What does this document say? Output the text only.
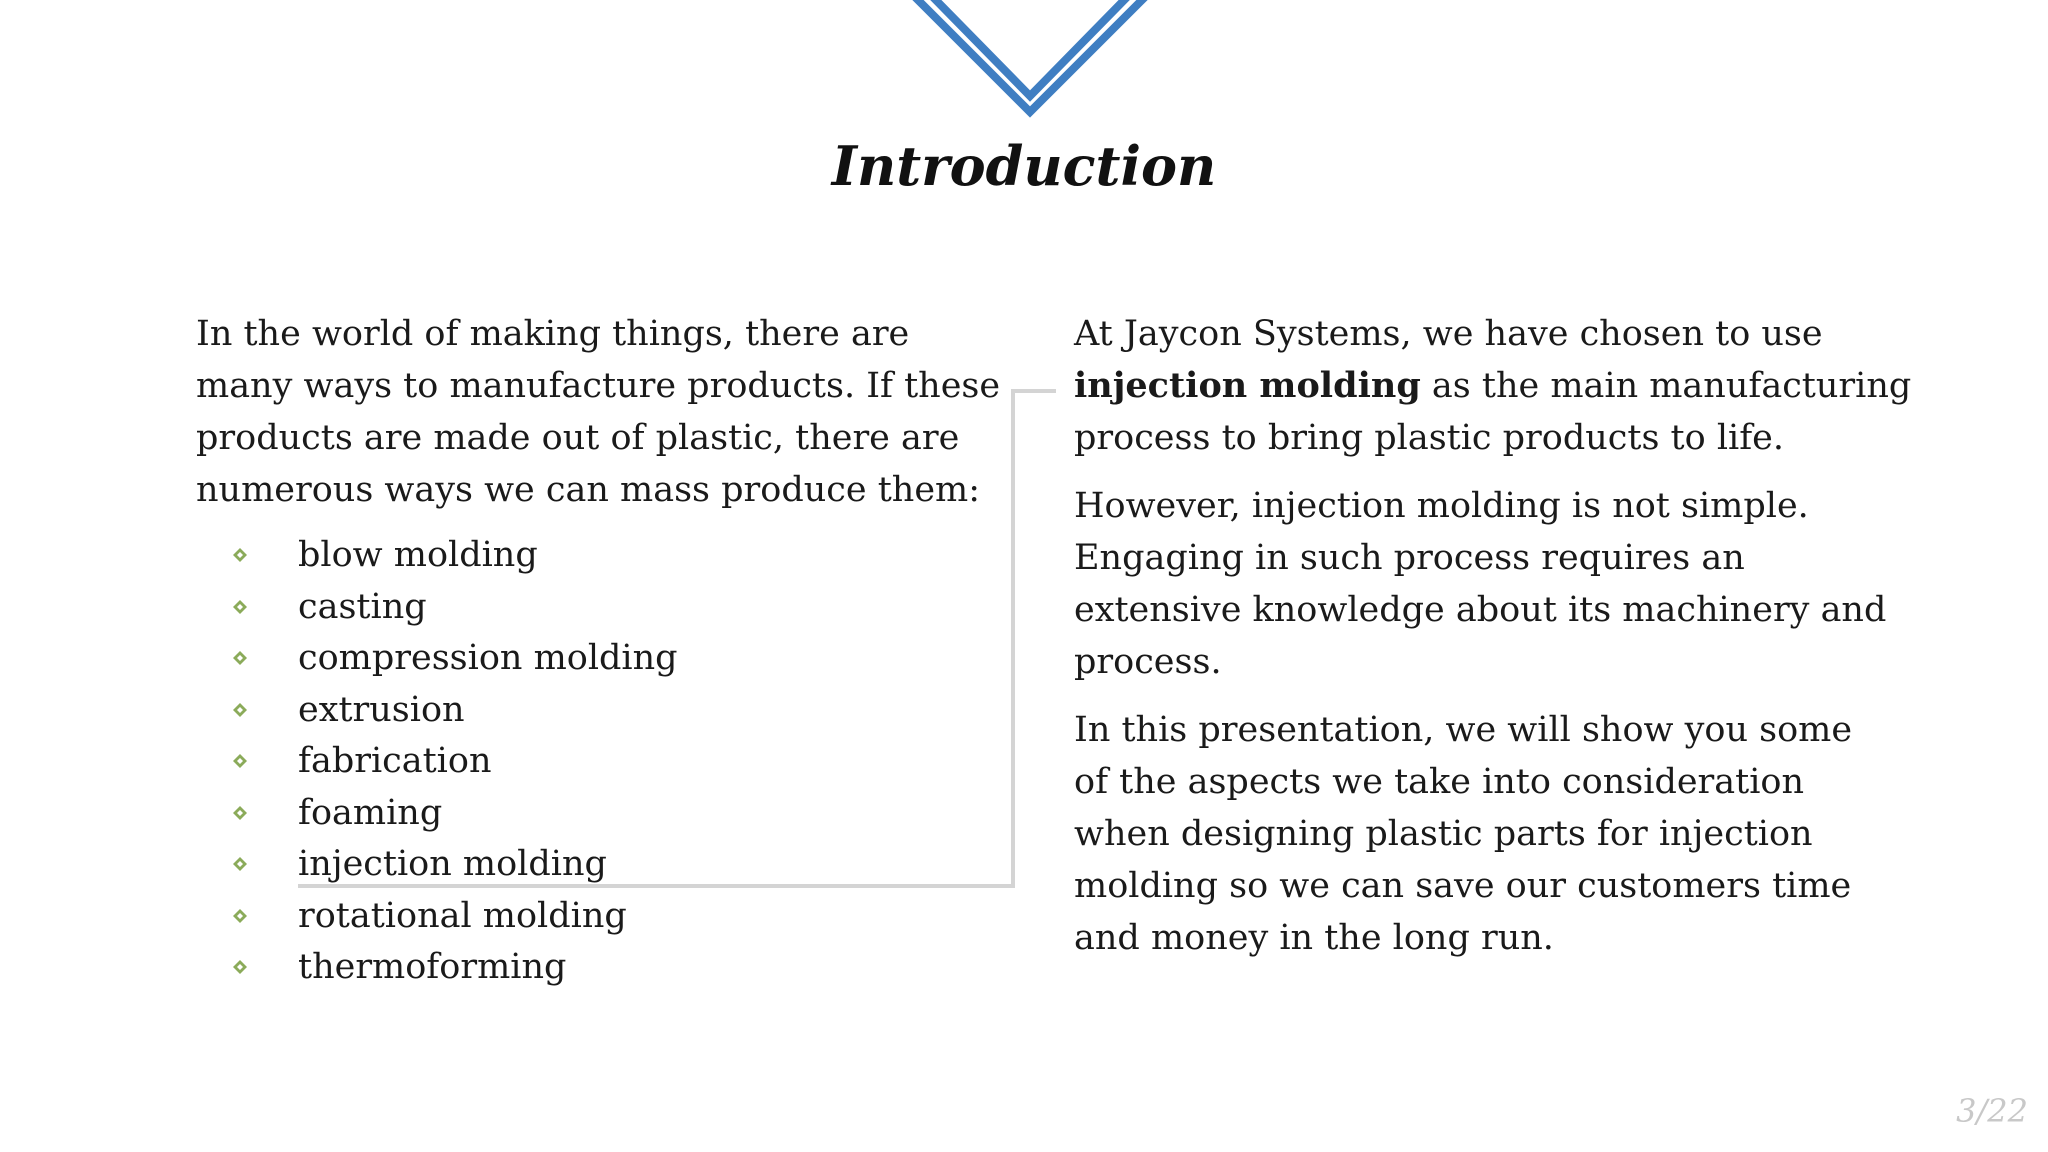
Introduction

In the world of making things, there are

many ways to manufacture products. If these

products are made out of plastic, there are

numerous ways we can mass produce them:

blow molding
casting
compression molding
extrusion
fabrication
foaming
injection molding
rotational molding
thermoforming

At Jaycon Systems, we have chosen to use
injection molding as the main manufacturing
process to bring plastic products to life.

However, injection molding is not simple.
Engaging in such process requires an
extensive knowledge about its machinery and
process.

In this presentation, we will show you some
of the aspects we take into consideration
when designing plastic parts for injection
molding so we can save our customers time
and money in the long run.

3/22
